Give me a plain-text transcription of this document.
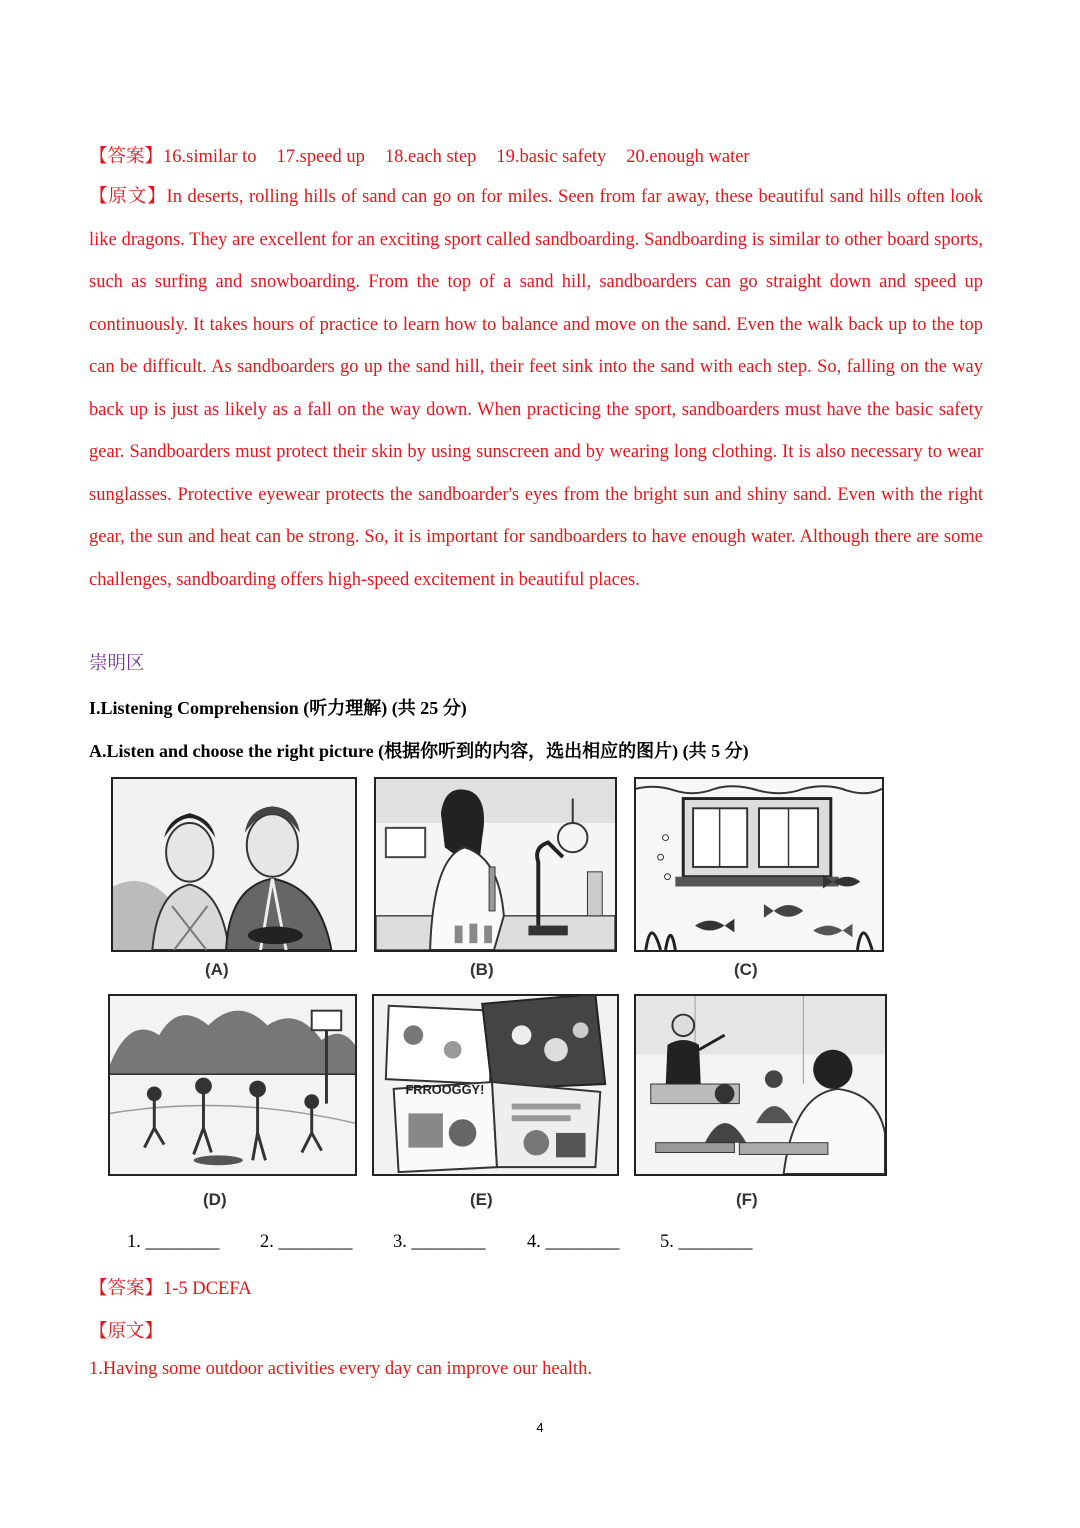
【答案】16.similar to 17.speed up 18.each step 19.basic safety 20.enough water
【原文】In deserts, rolling hills of sand can go on for miles. Seen from far away, these beautiful sand hills often look like dragons. They are excellent for an exciting sport called sandboarding. Sandboarding is similar to other board sports, such as surfing and snowboarding. From the top of a sand hill, sandboarders can go straight down and speed up continuously. It takes hours of practice to learn how to balance and move on the sand. Even the walk back up to the top can be difficult. As sandboarders go up the sand hill, their feet sink into the sand with each step. So, falling on the way back up is just as likely as a fall on the way down. When practicing the sport, sandboarders must have the basic safety gear. Sandboarders must protect their skin by using sunscreen and by wearing long clothing. It is also necessary to wear sunglasses. Protective eyewear protects the sandboarder's eyes from the bright sun and shiny sand. Even with the right gear, the sun and heat can be strong. So, it is important for sandboarders to have enough water. Although there are some challenges, sandboarding offers high-speed excitement in beautiful places.
崇明区
I.Listening Comprehension (听力理解) (共 25 分)
A.Listen and choose the right picture (根据你听到的内容，选出相应的图片) (共 5 分)
(A)	(B)	(C)
(D)
FRROOGGY!
(E)	(F)
1. ________ 2. ________ 3. ________ 4. ________ 5. ________
【答案】1-5 DCEFA
【原文】
1.Having some outdoor activities every day can improve our health.
4
